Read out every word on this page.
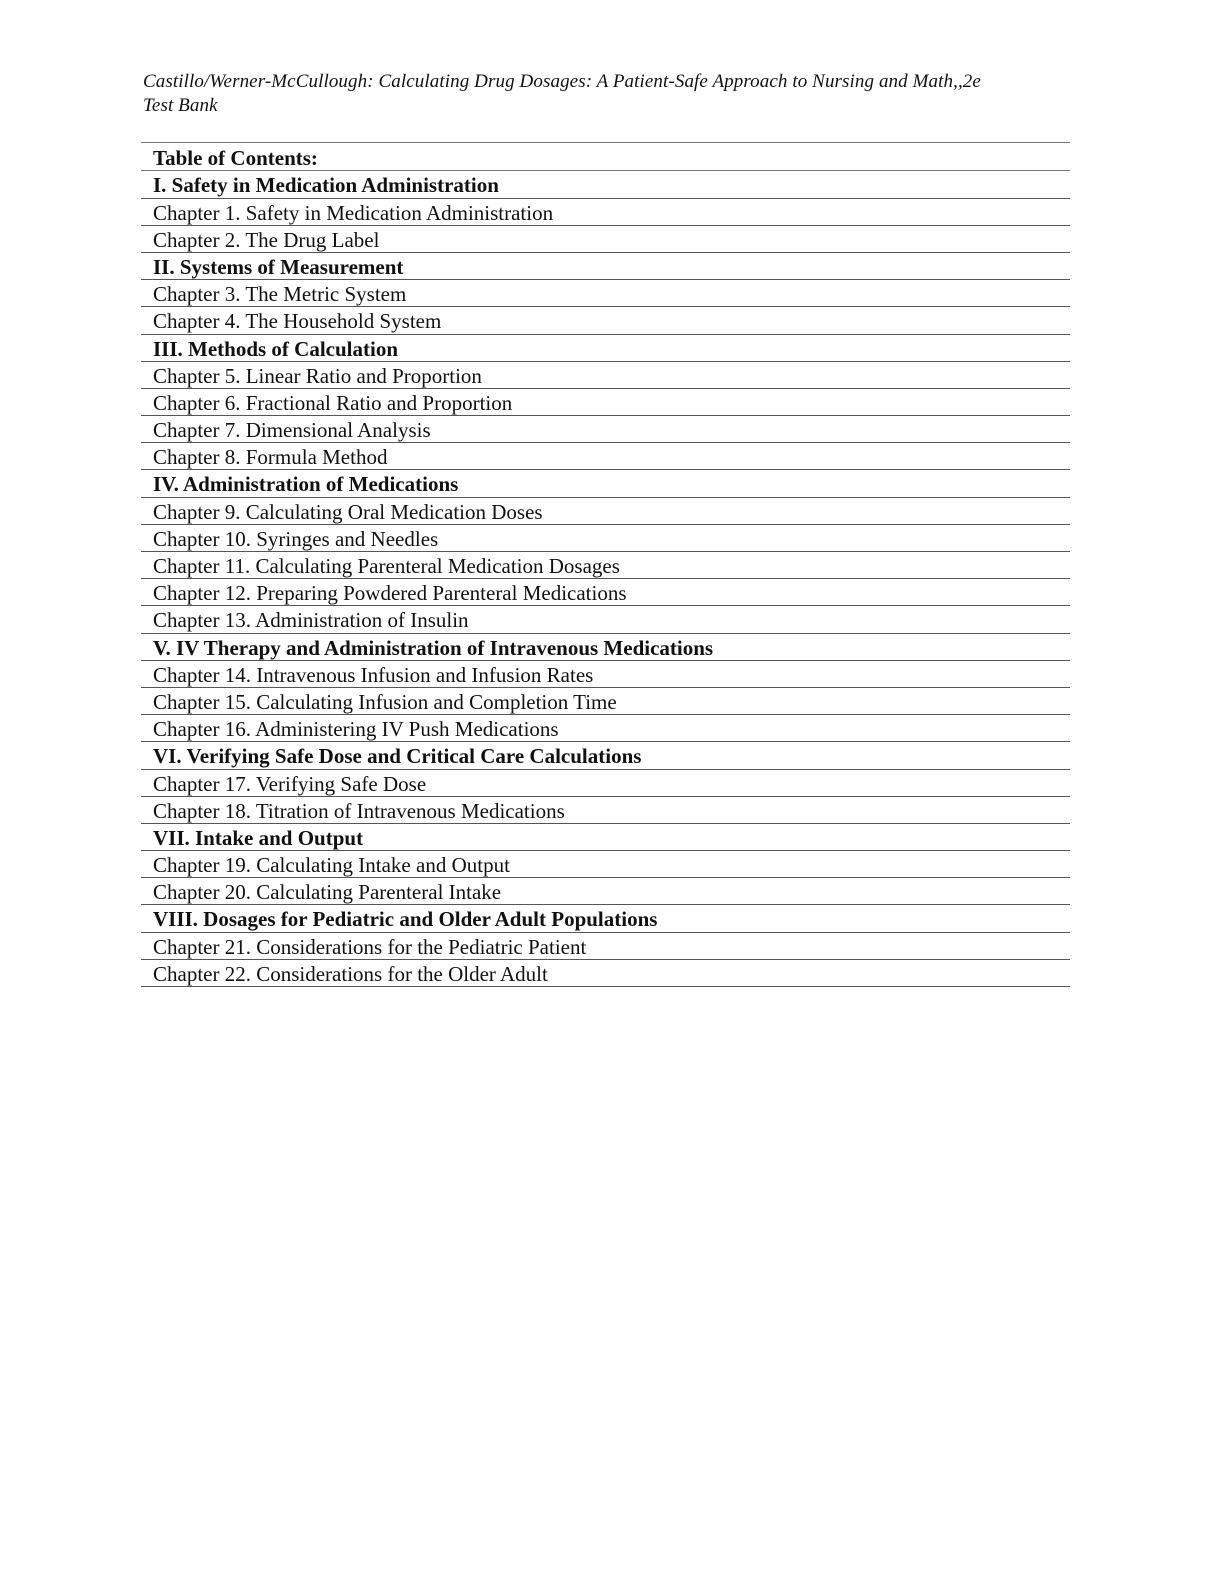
Castillo/Werner-McCullough: Calculating Drug Dosages: A Patient-Safe Approach to Nursing and Math,,2e
Test Bank
Table of Contents:
I. Safety in Medication Administration
Chapter 1. Safety in Medication Administration
Chapter 2. The Drug Label
II. Systems of Measurement
Chapter 3. The Metric System
Chapter 4. The Household System
III. Methods of Calculation
Chapter 5. Linear Ratio and Proportion
Chapter 6. Fractional Ratio and Proportion
Chapter 7. Dimensional Analysis
Chapter 8. Formula Method
IV. Administration of Medications
Chapter 9. Calculating Oral Medication Doses
Chapter 10. Syringes and Needles
Chapter 11. Calculating Parenteral Medication Dosages
Chapter 12. Preparing Powdered Parenteral Medications
Chapter 13. Administration of Insulin
V. IV Therapy and Administration of Intravenous Medications
Chapter 14. Intravenous Infusion and Infusion Rates
Chapter 15. Calculating Infusion and Completion Time
Chapter 16. Administering IV Push Medications
VI. Verifying Safe Dose and Critical Care Calculations
Chapter 17. Verifying Safe Dose
Chapter 18. Titration of Intravenous Medications
VII. Intake and Output
Chapter 19. Calculating Intake and Output
Chapter 20. Calculating Parenteral Intake
VIII. Dosages for Pediatric and Older Adult Populations
Chapter 21. Considerations for the Pediatric Patient
Chapter 22. Considerations for the Older Adult
